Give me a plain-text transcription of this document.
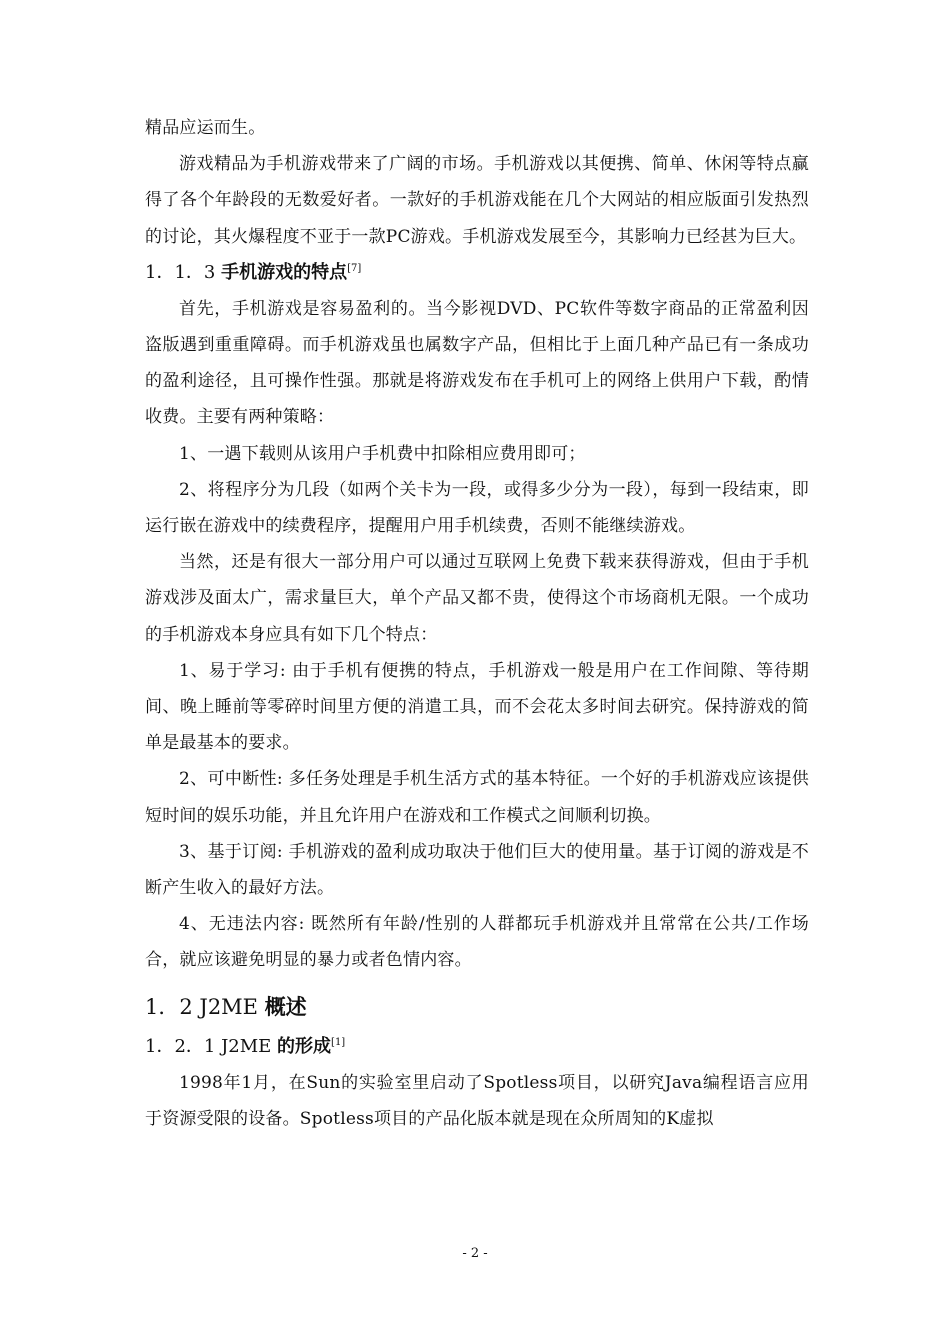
精品应运而生。

游戏精品为手机游戏带来了广阔的市场。手机游戏以其便携、简单、休闲等特点赢得了各个年龄段的无数爱好者。一款好的手机游戏能在几个大网站的相应版面引发热烈的讨论，其火爆程度不亚于一款PC游戏。手机游戏发展至今，其影响力已经甚为巨大。

1．1．3 手机游戏的特点[7]

首先，手机游戏是容易盈利的。当今影视DVD、PC软件等数字商品的正常盈利因盗版遇到重重障碍。而手机游戏虽也属数字产品，但相比于上面几种产品已有一条成功的盈利途径，且可操作性强。那就是将游戏发布在手机可上的网络上供用户下载，酌情收费。主要有两种策略：

1、一遇下载则从该用户手机费中扣除相应费用即可；

2、将程序分为几段（如两个关卡为一段，或得多少分为一段），每到一段结束，即运行嵌在游戏中的续费程序，提醒用户用手机续费，否则不能继续游戏。

当然，还是有很大一部分用户可以通过互联网上免费下载来获得游戏，但由于手机游戏涉及面太广，需求量巨大，单个产品又都不贵，使得这个市场商机无限。一个成功的手机游戏本身应具有如下几个特点：

1、易于学习: 由于手机有便携的特点，手机游戏一般是用户在工作间隙、等待期间、晚上睡前等零碎时间里方便的消遣工具，而不会花太多时间去研究。保持游戏的简单是最基本的要求。

2、可中断性: 多任务处理是手机生活方式的基本特征。一个好的手机游戏应该提供短时间的娱乐功能，并且允许用户在游戏和工作模式之间顺利切换。

3、基于订阅: 手机游戏的盈利成功取决于他们巨大的使用量。基于订阅的游戏是不断产生收入的最好方法。

4、无违法内容: 既然所有年龄/性别的人群都玩手机游戏并且常常在公共/工作场合，就应该避免明显的暴力或者色情内容。

1．2 J2ME 概述
1．2．1 J2ME 的形成[1]

1998年1月，在Sun的实验室里启动了Spotless项目，以研究Java编程语言应用于资源受限的设备。Spotless项目的产品化版本就是现在众所周知的K虚拟

- 2 -
